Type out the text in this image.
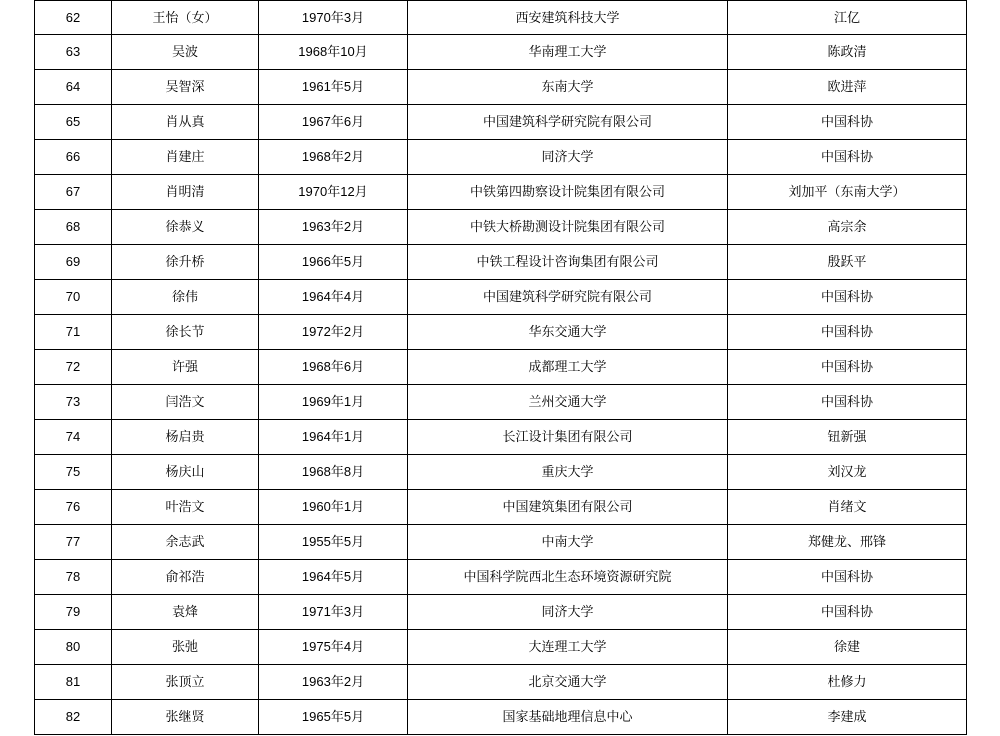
62	王怡（女）	1970年3月	西安建筑科技大学	江亿
63	吴波	1968年10月	华南理工大学	陈政清
64	吴智深	1961年5月	东南大学	欧进萍
65	肖从真	1967年6月	中国建筑科学研究院有限公司	中国科协
66	肖建庄	1968年2月	同济大学	中国科协
67	肖明清	1970年12月	中铁第四勘察设计院集团有限公司	刘加平（东南大学）
68	徐恭义	1963年2月	中铁大桥勘测设计院集团有限公司	高宗余
69	徐升桥	1966年5月	中铁工程设计咨询集团有限公司	殷跃平
70	徐伟	1964年4月	中国建筑科学研究院有限公司	中国科协
71	徐长节	1972年2月	华东交通大学	中国科协
72	许强	1968年6月	成都理工大学	中国科协
73	闫浩文	1969年1月	兰州交通大学	中国科协
74	杨启贵	1964年1月	长江设计集团有限公司	钮新强
75	杨庆山	1968年8月	重庆大学	刘汉龙
76	叶浩文	1960年1月	中国建筑集团有限公司	肖绪文
77	余志武	1955年5月	中南大学	郑健龙、邢锋
78	俞祁浩	1964年5月	中国科学院西北生态环境资源研究院	中国科协
79	袁烽	1971年3月	同济大学	中国科协
80	张弛	1975年4月	大连理工大学	徐建
81	张顶立	1963年2月	北京交通大学	杜修力
82	张继贤	1965年5月	国家基础地理信息中心	李建成
